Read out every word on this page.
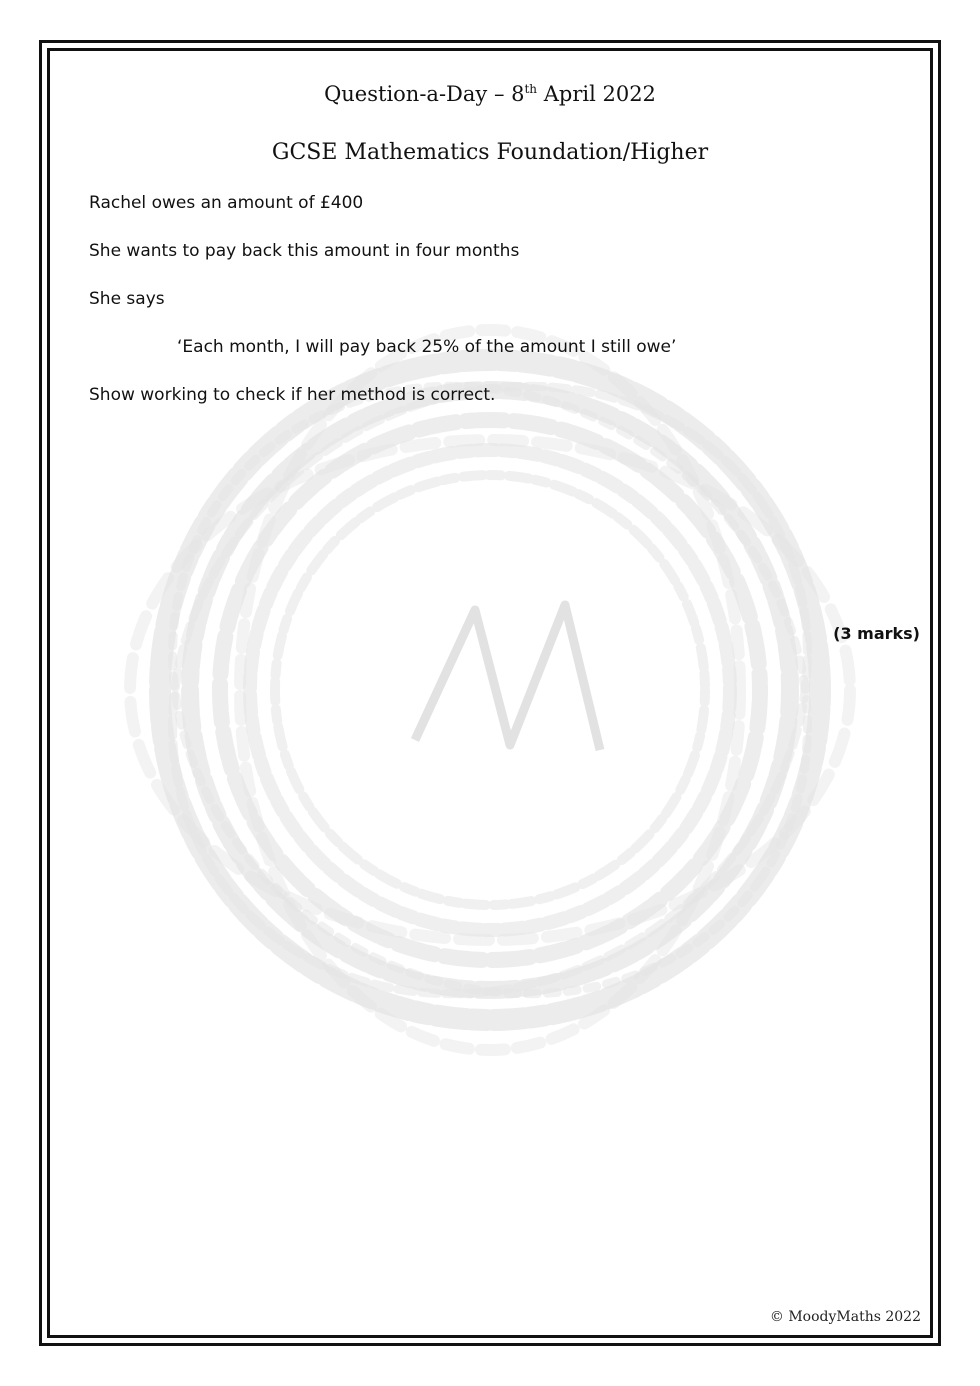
Question-a-Day – 8th April 2022
GCSE Mathematics Foundation/Higher
Rachel owes an amount of £400
She wants to pay back this amount in four months
She says
‘Each month, I will pay back 25% of the amount I still owe’
Show working to check if her method is correct.
(3 marks)
© MoodyMaths 2022
